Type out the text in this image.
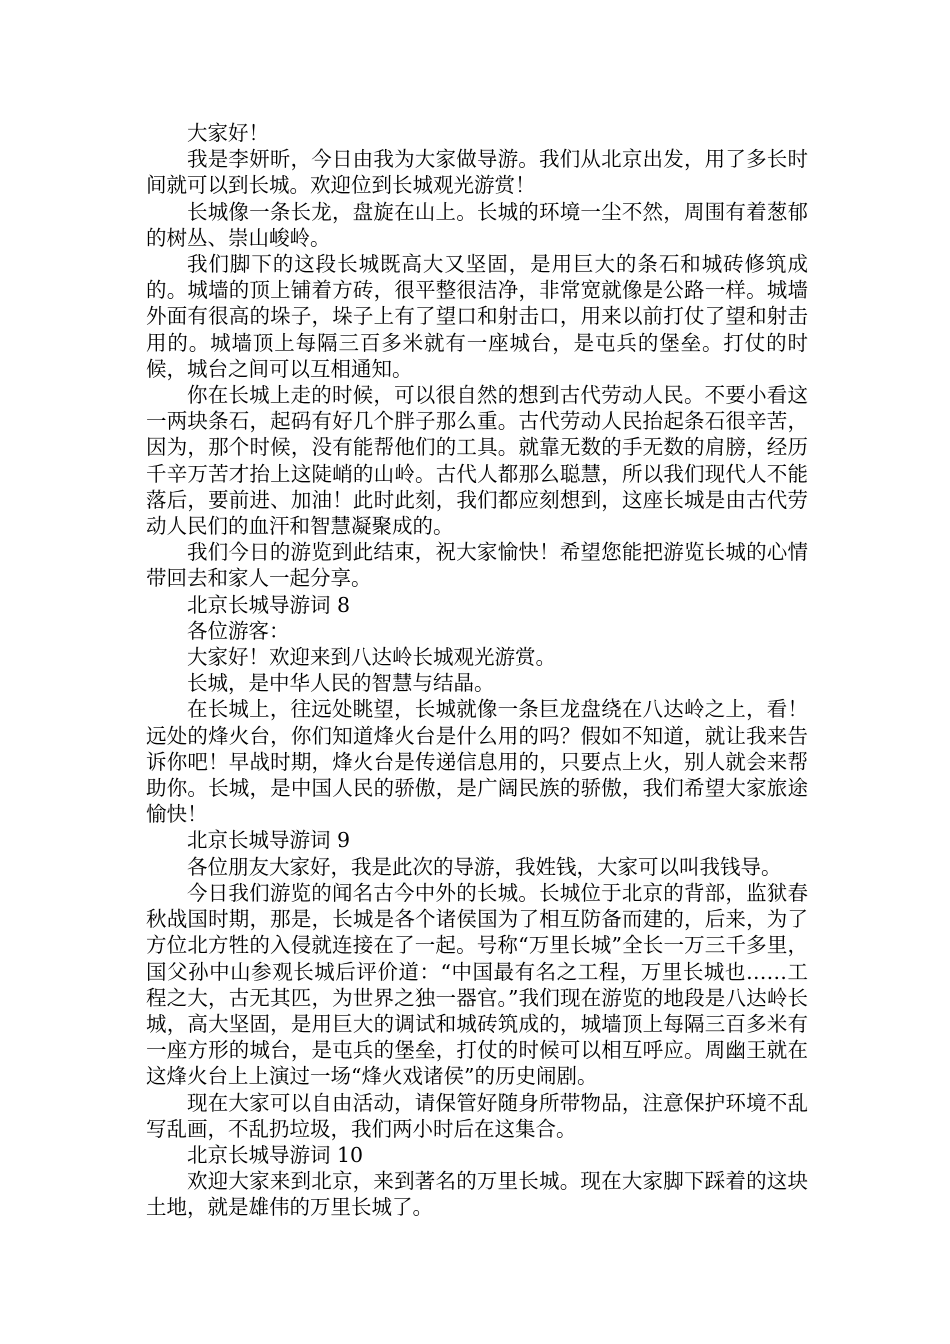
大家好！

我是李妍昕，今日由我为大家做导游。我们从北京出发，用了多长时间就可以到长城。欢迎位到长城观光游赏！

长城像一条长龙，盘旋在山上。长城的环境一尘不然，周围有着葱郁的树丛、崇山峻岭。

我们脚下的这段长城既高大又坚固，是用巨大的条石和城砖修筑成的。城墙的顶上铺着方砖，很平整很洁净，非常宽就像是公路一样。城墙外面有很高的垛子，垛子上有了望口和射击口，用来以前打仗了望和射击用的。城墙顶上每隔三百多米就有一座城台，是屯兵的堡垒。打仗的时候，城台之间可以互相通知。

你在长城上走的时候，可以很自然的想到古代劳动人民。不要小看这一两块条石，起码有好几个胖子那么重。古代劳动人民抬起条石很辛苦，因为，那个时候，没有能帮他们的工具。就靠无数的手无数的肩膀，经历千辛万苦才抬上这陡峭的山岭。古代人都那么聪慧，所以我们现代人不能落后，要前进、加油！此时此刻，我们都应刻想到，这座长城是由古代劳动人民们的血汗和智慧凝聚成的。

我们今日的游览到此结束，祝大家愉快！希望您能把游览长城的心情带回去和家人一起分享。

北京长城导游词 8

各位游客：

大家好！欢迎来到八达岭长城观光游赏。

长城，是中华人民的智慧与结晶。

在长城上，往远处眺望，长城就像一条巨龙盘绕在八达岭之上，看！远处的烽火台，你们知道烽火台是什么用的吗？假如不知道，就让我来告诉你吧！早战时期，烽火台是传递信息用的，只要点上火，别人就会来帮助你。长城，是中国人民的骄傲，是广阔民族的骄傲，我们希望大家旅途愉快！

北京长城导游词 9

各位朋友大家好，我是此次的导游，我姓钱，大家可以叫我钱导。

今日我们游览的闻名古今中外的长城。长城位于北京的背部，监狱春秋战国时期，那是，长城是各个诸侯国为了相互防备而建的，后来，为了方位北方牲的入侵就连接在了一起。号称“万里长城”全长一万三千多里，国父孙中山参观长城后评价道：“中国最有名之工程，万里长城也……工程之大，古无其匹，为世界之独一器官。”我们现在游览的地段是八达岭长城，高大坚固，是用巨大的调试和城砖筑成的，城墙顶上每隔三百多米有一座方形的城台，是屯兵的堡垒，打仗的时候可以相互呼应。周幽王就在这烽火台上上演过一场“烽火戏诸侯”的历史闹剧。

现在大家可以自由活动，请保管好随身所带物品，注意保护环境不乱写乱画，不乱扔垃圾，我们两小时后在这集合。

北京长城导游词 10

欢迎大家来到北京，来到著名的万里长城。现在大家脚下踩着的这块土地，就是雄伟的万里长城了。
